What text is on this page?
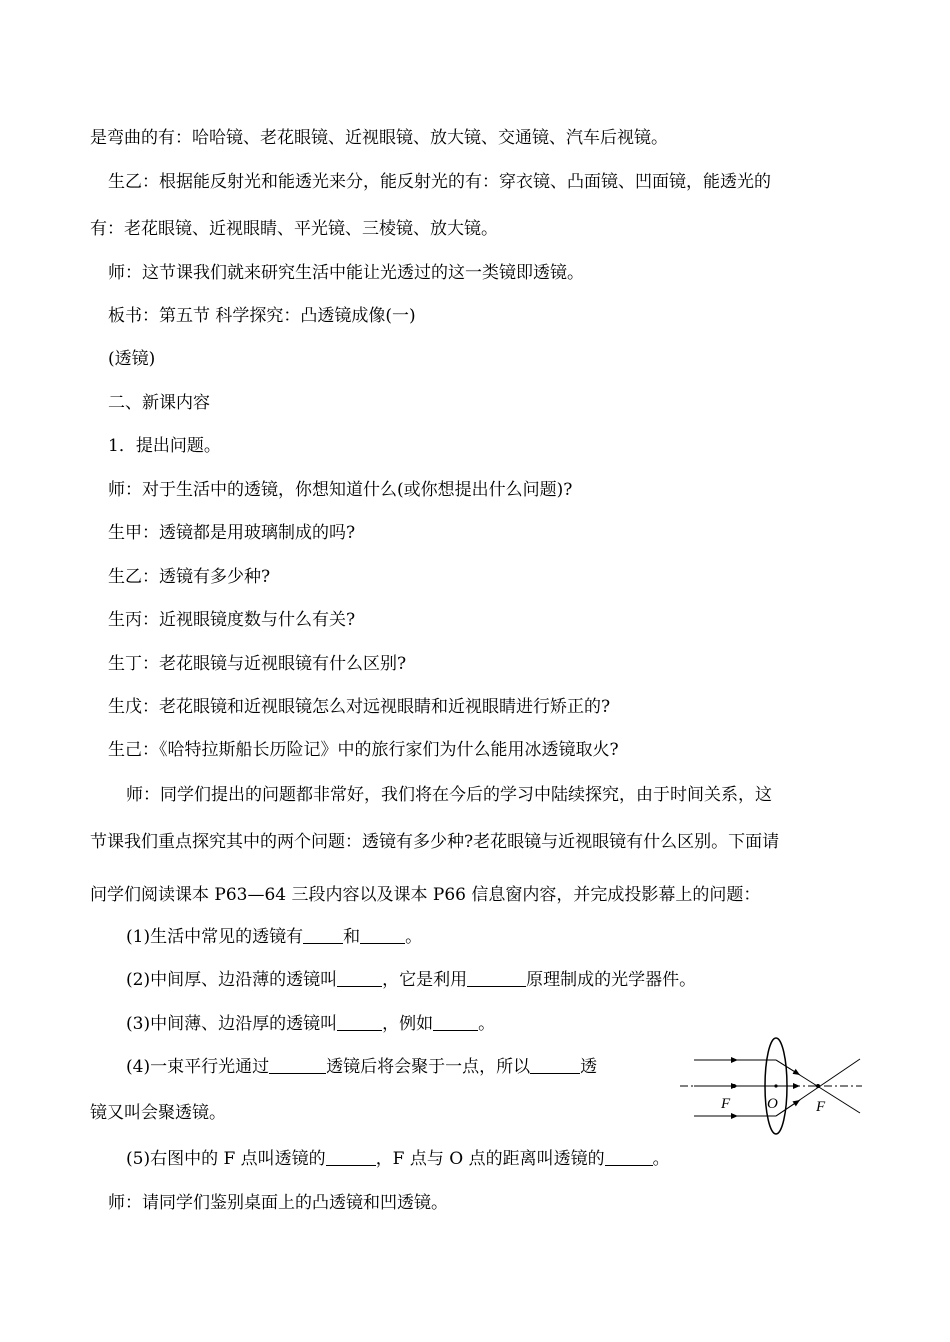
是弯曲的有：哈哈镜、老花眼镜、近视眼镜、放大镜、交通镜、汽车后视镜。
生乙：根据能反射光和能透光来分，能反射光的有：穿衣镜、凸面镜、凹面镜，能透光的
有：老花眼镜、近视眼睛、平光镜、三棱镜、放大镜。
师：这节课我们就来研究生活中能让光透过的这一类镜即透镜。
板书：第五节 科学探究：凸透镜成像(一)
(透镜)
二、新课内容
1．提出问题。
师：对于生活中的透镜，你想知道什么(或你想提出什么问题)?
生甲：透镜都是用玻璃制成的吗?
生乙：透镜有多少种?
生丙：近视眼镜度数与什么有关?
生丁：老花眼镜与近视眼镜有什么区别?
生戊：老花眼镜和近视眼镜怎么对远视眼睛和近视眼睛进行矫正的?
生己：《哈特拉斯船长历险记》中的旅行家们为什么能用冰透镜取火?
师：同学们提出的问题都非常好，我们将在今后的学习中陆续探究，由于时间关系，这
节课我们重点探究其中的两个问题：透镜有多少种?老花眼镜与近视眼镜有什么区别。下面请
问学们阅读课本 P63—64 三段内容以及课本 P66 信息窗内容，并完成投影幕上的问题：
(1)生活中常见的透镜有 和	。
(2)中间厚、边沿薄的透镜叫	，它是利用	原理制成的光学器件。
(3)中间薄、边沿厚的透镜叫	，例如	。
(4)一束平行光通过	透镜后将会聚于一点，所以	透
镜又叫会聚透镜。
(5)右图中的 F 点叫透镜的	，F 点与 O 点的距离叫透镜的	。
师：请同学们鉴别桌面上的凸透镜和凹透镜。
F O	F
